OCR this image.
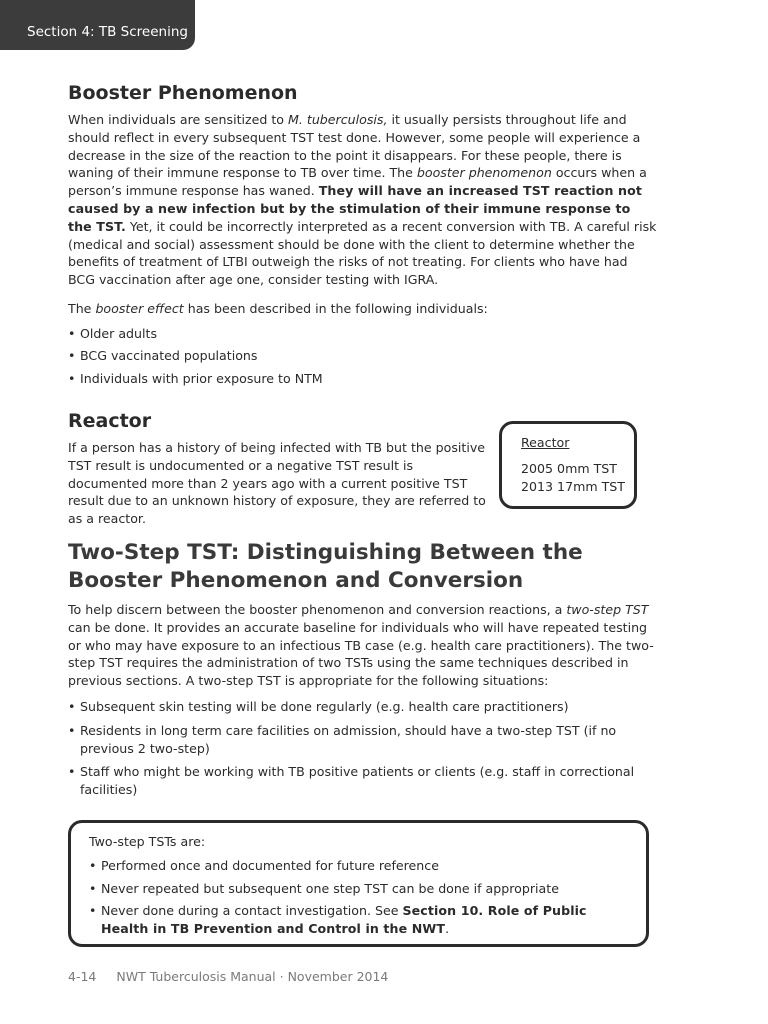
Section 4: TB Screening
Booster Phenomenon

When individuals are sensitized to M. tuberculosis, it usually persists throughout life and should reflect in every subsequent TST test done. However, some people will experience a decrease in the size of the reaction to the point it disappears. For these people, there is waning of their immune response to TB over time. The booster phenomenon occurs when a person’s immune response has waned. They will have an increased TST reaction not caused by a new infection but by the stimulation of their immune response to the TST. Yet, it could be incorrectly interpreted as a recent conversion with TB. A careful risk (medical and social) assessment should be done with the client to determine whether the benefits of treatment of LTBI outweigh the risks of not treating. For clients who have had BCG vaccination after age one, consider testing with IGRA.

The booster effect has been described in the following individuals:

• Older adults
• BCG vaccinated populations
• Individuals with prior exposure to NTM
Reactor

If a person has a history of being infected with TB but the positive TST result is undocumented or a negative TST result is documented more than 2 years ago with a current positive TST result due to an unknown history of exposure, they are referred to as a reactor.

Two-Step TST: Distinguishing Between the Booster Phenomenon and Conversion

To help discern between the booster phenomenon and conversion reactions, a two-step TST can be done. It provides an accurate baseline for individuals who will have repeated testing or who may have exposure to an infectious TB case (e.g. health care practitioners). The two-step TST requires the administration of two TSTs using the same techniques described in previous sections. A two-step TST is appropriate for the following situations:

• Subsequent skin testing will be done regularly (e.g. health care practitioners)
• Residents in long term care facilities on admission, should have a two-step TST (if no previous 2 two-step)
• Staff who might be working with TB positive patients or clients (e.g. staff in correctional facilities)
Reactor
2005 0mm TST
2013 17mm TST

Two-step TSTs are:

• Performed once and documented for future reference
• Never repeated but subsequent one step TST can be done if appropriate
• Never done during a contact investigation. See Section 10. Role of Public Health in TB Prevention and Control in the NWT.
4-14 NWT Tuberculosis Manual · November 2014
